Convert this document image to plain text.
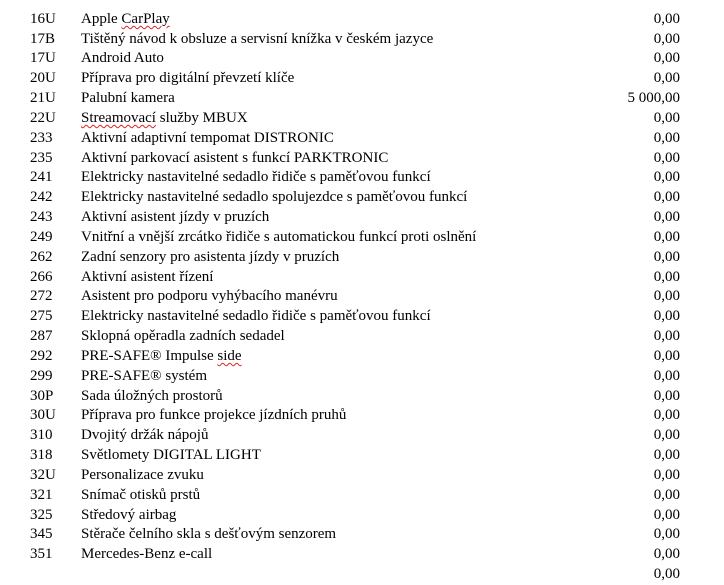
16U Apple CarPlay	0,00
17B Tištěný návod k obsluze a servisní knížka v českém jazyce	0,00
17U Android Auto	0,00
20U Příprava pro digitální převzetí klíče	0,00
21U Palubní kamera	5 000,00
22U Streamovací služby MBUX	0,00
233 Aktivní adaptivní tempomat DISTRONIC	0,00
235 Aktivní parkovací asistent s funkcí PARKTRONIC	0,00
241 Elektricky nastavitelné sedadlo řidiče s paměťovou funkcí	0,00
242 Elektricky nastavitelné sedadlo spolujezdce s paměťovou funkcí	0,00
243 Aktivní asistent jízdy v pruzích	0,00
249 Vnitřní a vnější zrcátko řidiče s automatickou funkcí proti oslnění	0,00
262 Zadní senzory pro asistenta jízdy v pruzích	0,00
266 Aktivní asistent řízení	0,00
272 Asistent pro podporu vyhýbacího manévru	0,00
275 Elektricky nastavitelné sedadlo řidiče s paměťovou funkcí	0,00
287 Sklopná opěradla zadních sedadel	0,00
292 PRE-SAFE® Impulse side	0,00
299 PRE-SAFE® systém	0,00
30P Sada úložných prostorů	0,00
30U Příprava pro funkce projekce jízdních pruhů	0,00
310 Dvojitý držák nápojů	0,00
318 Světlomety DIGITAL LIGHT	0,00
32U Personalizace zvuku	0,00
321 Snímač otisků prstů	0,00
325 Středový airbag	0,00
345 Stěrače čelního skla s dešťovým senzorem	0,00
351 Mercedes-Benz e-call	0,00
0,00
